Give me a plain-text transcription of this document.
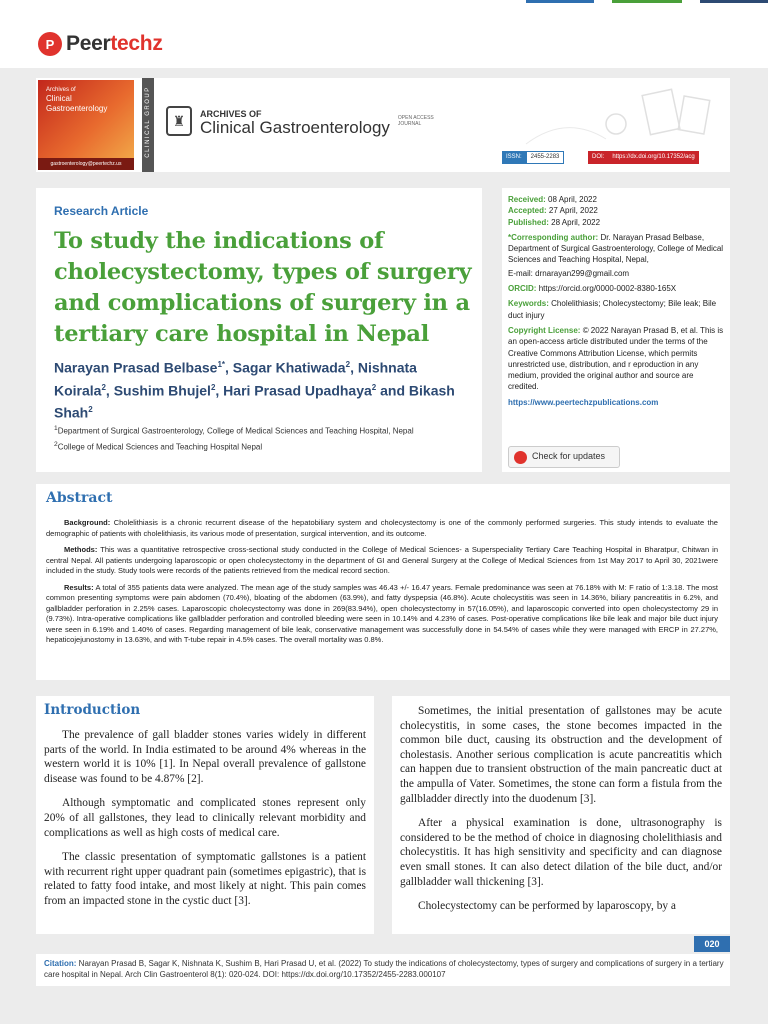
P Peertechz
Archives of
Clinical
Gastroenterology
gastroenterology@peertechz.us
CLINICAL GROUP	♜	ARCHIVES OF
Clinical Gastroenterology OPEN ACCESS JOURNAL
ISSN:	2455-2283	DOI:	https://dx.doi.org/10.17352/acg
Research Article
To study the indications of cholecystectomy, types of surgery and complications of surgery in a tertiary care hospital in Nepal
Narayan Prasad Belbase$^{1*}$, Sagar Khatiwada$^2$, Nishnata Koirala$^2$, Sushim Bhujel$^2$, Hari Prasad Upadhaya$^2$ and Bikash Shah$^2$
$^1$Department of Surgical Gastroenterology, College of Medical Sciences and Teaching Hospital, Nepal
$^2$College of Medical Sciences and Teaching Hospital Nepal
Received: 08 April, 2022
Accepted: 27 April, 2022
Published: 28 April, 2022
*Corresponding author: Dr. Narayan Prasad Belbase, Department of Surgical Gastroenterology, College of Medical Sciences and Teaching Hospital, Nepal,
E-mail: drnarayan299@gmail.com
ORCID: https://orcid.org/0000-0002-8380-165X
Keywords: Cholelithiasis; Cholecystectomy; Bile leak; Bile duct injury
Copyright License: © 2022 Narayan Prasad B, et al. This is an open-access article distributed under the terms of the Creative Commons Attribution License, which permits unrestricted use, distribution, and r eproduction in any medium, provided the original author and source are credited.
https://www.peertechzpublications.com
Check for updates
Abstract

Background: Cholelithiasis is a chronic recurrent disease of the hepatobiliary system and cholecystectomy is one of the commonly performed surgeries. This study intends to evaluate the demographic of patients with cholelithiasis, its various mode of presentation, surgical intervention, and its outcome.

Methods: This was a quantitative retrospective cross-sectional study conducted in the College of Medical Sciences- a Superspeciality Tertiary Care Teaching Hospital in Bharatpur, Chitwan in central Nepal. All patients undergoing laparoscopic or open cholecystectomy in the department of GI and General Surgery at the College of Medical Sciences from 1st May 2017 to April 30, 2021were included in the study. Study tools were records of the patients retrieved from the medical record section.

Results: A total of 355 patients data were analyzed. The mean age of the study samples was 46.43 +/- 16.47 years. Female predominance was seen at 76.18% with M: F ratio of 1:3.18. The most common presenting symptoms were pain abdomen (70.4%), bloating of the abdomen (63.9%), and fatty dyspepsia (46.8%). Acute cholecystitis was seen in 14.36%, biliary pancreatitis in 6.2%, and gallbladder perforation in 2.25% cases. Laparoscopic cholecystectomy was done in 269(83.94%), open cholecystectomy in 57(16.05%), and laparoscopic converted into open cholecystectomy 29 in (9.73%). Intra-operative complications like gallbladder perforation and controlled bleeding were seen in 10.14% and 4.23% of cases. Post-operative complications like bile leak and major bile duct injury were seen in 6.19% and 1.40% of cases. Regarding management of bile leak, conservative management was successfully done in 54.54% of cases while they were managed with ERCP in 27.27%, hepaticojejunostomy in 13.63%, and with T-tube repair in 4.5% cases. The overall mortality was 0.8%.

Introduction

The prevalence of gall bladder stones varies widely in different parts of the world. In India estimated to be around 4% whereas in the western world it is 10% [1]. In Nepal overall prevalence of gallstone disease was found to be 4.87% [2].

Although symptomatic and complicated stones represent only 20% of all gallstones, they lead to clinically relevant morbidity and complications as well as high costs of medical care.

The classic presentation of symptomatic gallstones is a patient with recurrent right upper quadrant pain (sometimes epigastric), that is related to fatty food intake, and most likely at night. This pain comes from an impacted stone in the cystic duct [3].

Sometimes, the initial presentation of gallstones may be acute cholecystitis, in some cases, the stone becomes impacted in the common bile duct, causing its obstruction and the development of cholestasis. Another serious complication is acute pancreatitis which can happen due to transient obstruction of the main pancreatic duct at the ampulla of Vater. Sometimes, the stone can form a fistula from the gallbladder directly into the duodenum [3].

After a physical examination is done, ultrasonography is considered to be the method of choice in diagnosing cholelithiasis and cholecystitis. It has high sensitivity and specificity and can diagnose even small stones. It can also detect dilation of the bile duct, and/or gallbladder wall thickening [3].

Cholecystectomy can be performed by laparoscopy, by a

020
Citation: Narayan Prasad B, Sagar K, Nishnata K, Sushim B, Hari Prasad U, et al. (2022) To study the indications of cholecystectomy, types of surgery and complications of surgery in a tertiary care hospital in Nepal. Arch Clin Gastroenterol 8(1): 020-024. DOI: https://dx.doi.org/10.17352/2455-2283.000107
